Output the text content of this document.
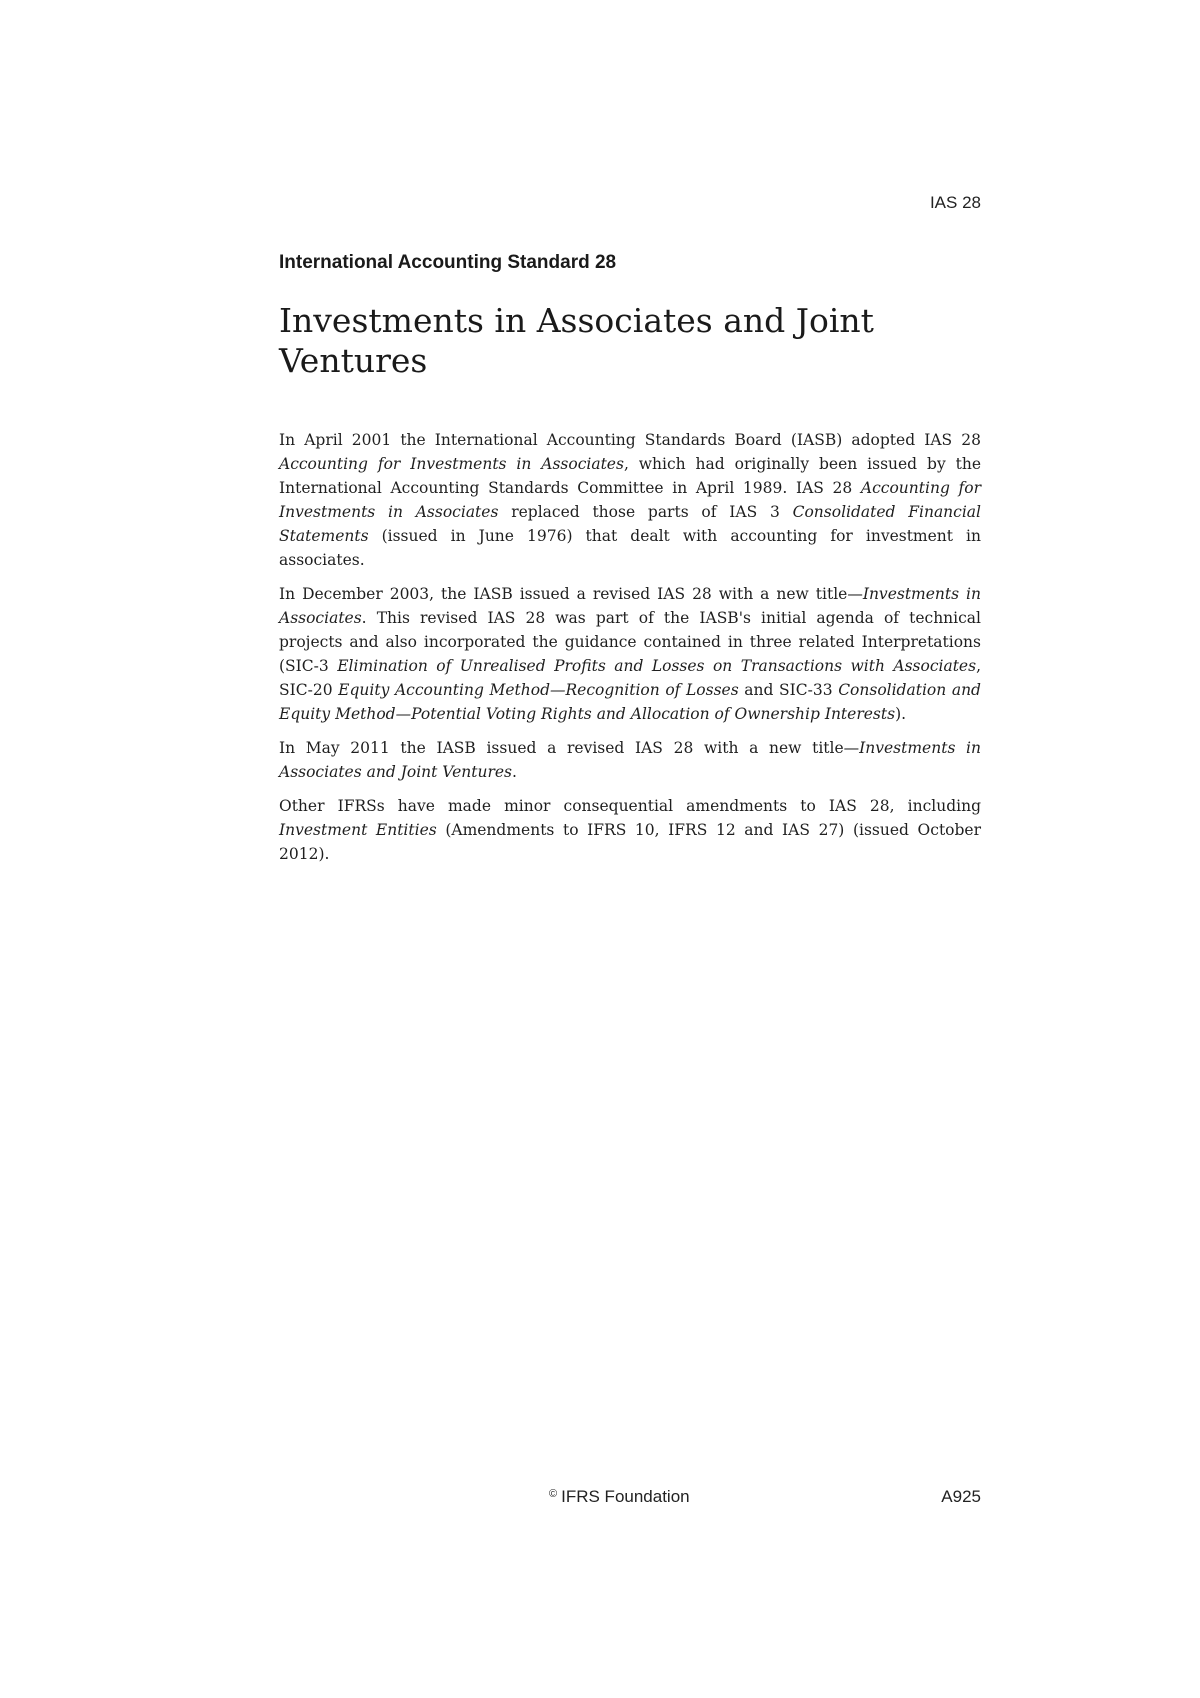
IAS 28
International Accounting Standard 28
Investments in Associates and Joint Ventures

In April 2001 the International Accounting Standards Board (IASB) adopted IAS 28 Accounting for Investments in Associates, which had originally been issued by the International Accounting Standards Committee in April 1989. IAS 28 Accounting for Investments in Associates replaced those parts of IAS 3 Consolidated Financial Statements (issued in June 1976) that dealt with accounting for investment in associates.

In December 2003, the IASB issued a revised IAS 28 with a new title—Investments in Associates. This revised IAS 28 was part of the IASB's initial agenda of technical projects and also incorporated the guidance contained in three related Interpretations (SIC-3 Elimination of Unrealised Profits and Losses on Transactions with Associates, SIC-20 Equity Accounting Method—Recognition of Losses and SIC-33 Consolidation and Equity Method—Potential Voting Rights and Allocation of Ownership Interests).

In May 2011 the IASB issued a revised IAS 28 with a new title—Investments in Associates and Joint Ventures.

Other IFRSs have made minor consequential amendments to IAS 28, including Investment Entities (Amendments to IFRS 10, IFRS 12 and IAS 27) (issued October 2012).

© IFRS Foundation	A925
